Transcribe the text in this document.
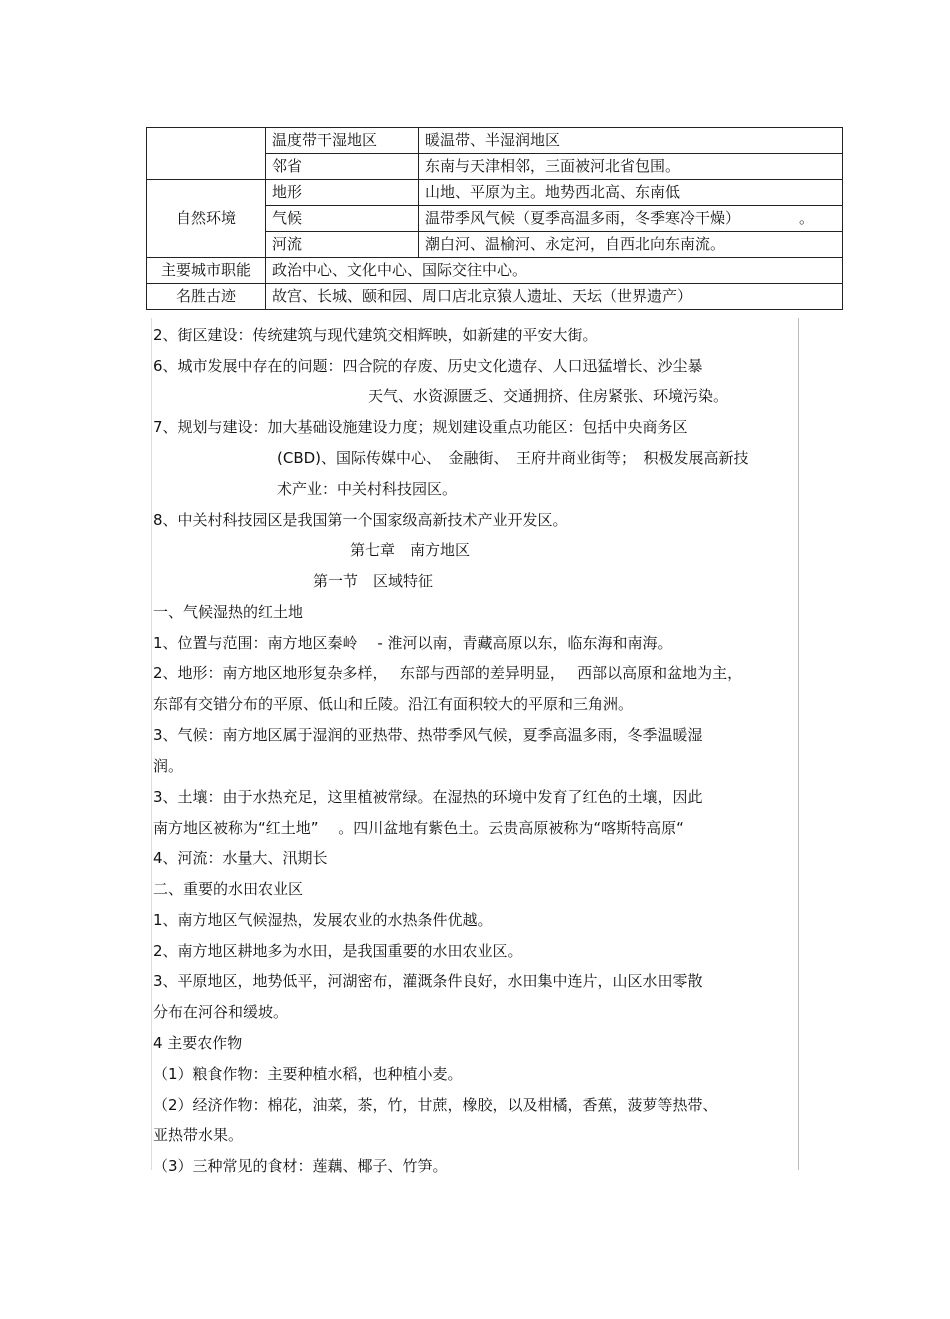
	温度带干湿地区	暖温带、半湿润地区
	邻省	东南与天津相邻，三面被河北省包围。
自然环境	地形	山地、平原为主。地势西北高、东南低
	气候	温带季风气候（夏季高温多雨，冬季寒冷干燥） 。

	河流	潮白河、温榆河、永定河，自西北向东南流。
主要城市职能	政治中心、文化中心、国际交往中心。	
名胜古迹	故宫、长城、颐和园、周口店北京猿人遗址、天坛（世界遗产）	
2、街区建设：传统建筑与现代建筑交相辉映，如新建的平安大街。
6、城市发展中存在的问题：四合院的存废、历史文化遗存、人口迅猛增长、沙尘暴
天气、水资源匮乏、交通拥挤、住房紧张、环境污染。
7、规划与建设：加大基础设施建设力度；规划建设重点功能区：包括中央商务区
(CBD)、国际传媒中心、　金融街、　王府井商业街等；　积极发展高新技
术产业：中关村科技园区。
8、中关村科技园区是我国第一个国家级高新技术产业开发区。
第七章　南方地区
第一节　区域特征
一、气候湿热的红土地
1、位置与范围：南方地区秦岭　 - 淮河以南，青藏高原以东，临东海和南海。
2、地形：南方地区地形复杂多样，　 东部与西部的差异明显，　 西部以高原和盆地为主，
东部有交错分布的平原、低山和丘陵。沿江有面积较大的平原和三角洲。
3、气候：南方地区属于湿润的亚热带、热带季风气候，夏季高温多雨，冬季温暖湿
润。
3、土壤：由于水热充足，这里植被常绿。在湿热的环境中发育了红色的土壤，因此
南方地区被称为“红土地”　 。四川盆地有紫色土。云贵高原被称为“喀斯特高原“
4、河流：水量大、汛期长
二、重要的水田农业区
1、南方地区气候湿热，发展农业的水热条件优越。
2、南方地区耕地多为水田，是我国重要的水田农业区。
3、平原地区，地势低平，河湖密布，灌溉条件良好，水田集中连片，山区水田零散
分布在河谷和缓坡。
4 主要农作物
（1）粮食作物：主要种植水稻，也种植小麦。
（2）经济作物：棉花，油菜，茶，竹，甘蔗，橡胶，以及柑橘，香蕉，菠萝等热带、
亚热带水果。
（3）三种常见的食材：莲藕、椰子、竹笋。
